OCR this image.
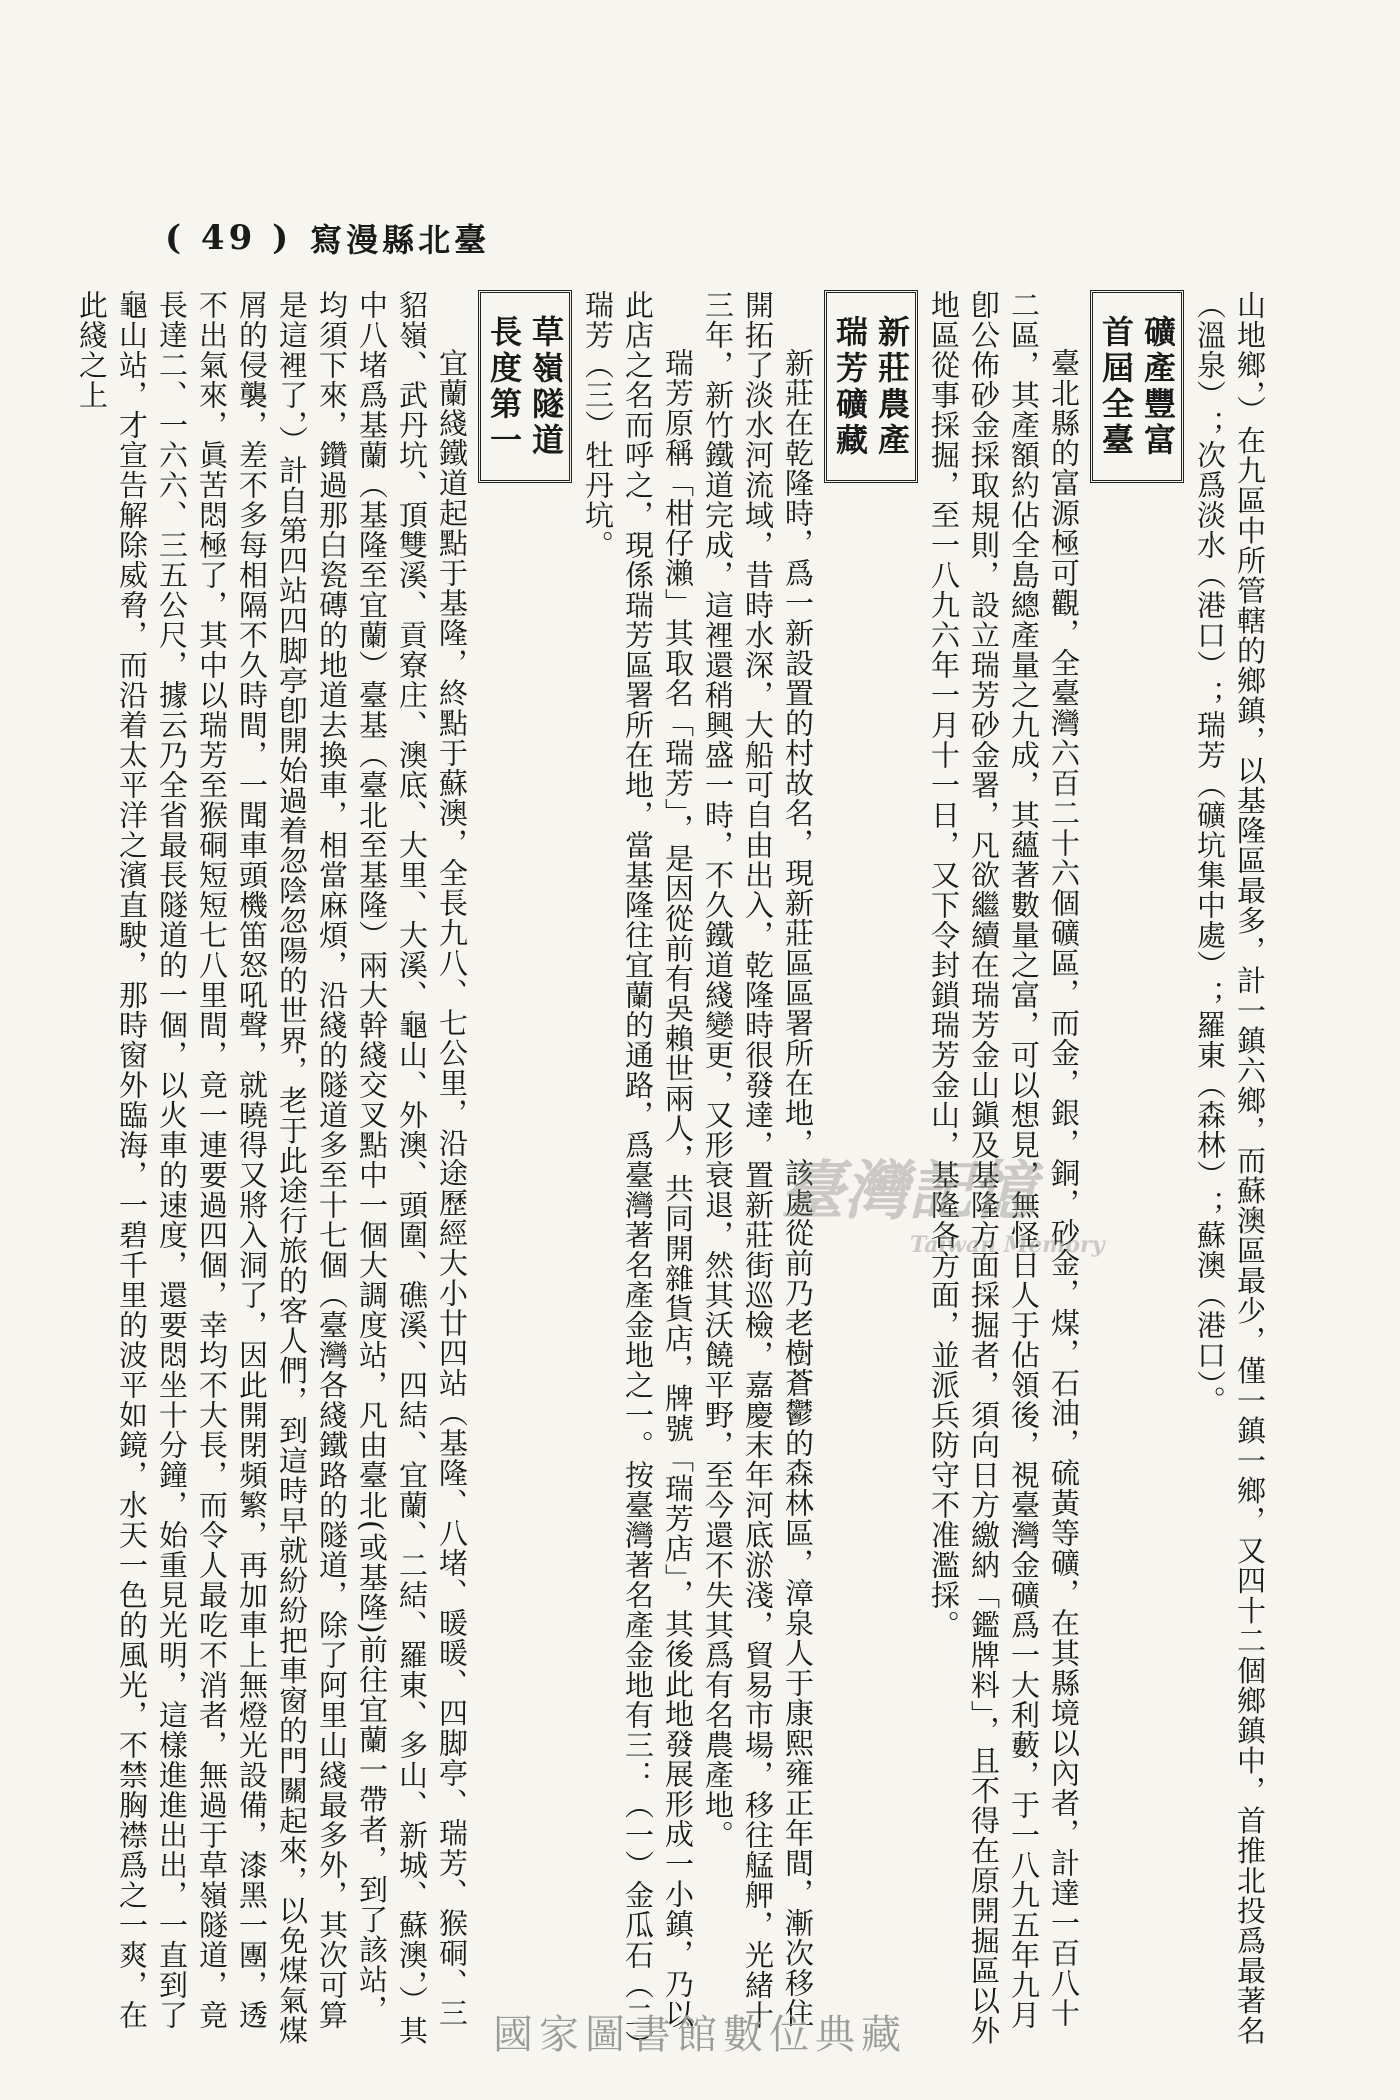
( 49 ) 寫漫縣北臺

山地鄉，）在九區中所管轄的鄉鎮，以基隆區最多，計一鎮六鄉，而蘇澳區最少，僅一鎮一鄉，又四十二個鄉鎮中，首推北投爲最著名（溫泉）；次爲淡水（港口）；瑞芳（礦坑集中處）；羅東（森林）；蘇澳（港口）。

礦產豐富首屆全臺

臺北縣的富源極可觀，全臺灣六百二十六個礦區，而金，銀，銅，砂金，煤，石油，硫黃等礦，在其縣境以內者，計達一百八十二區，其產額約佔全島總產量之九成，其蘊著數量之富，可以想見，無怪日人于佔領後，視臺灣金礦爲一大利藪，于一八九五年九月卽公佈砂金採取規則，設立瑞芳砂金署，凡欲繼續在瑞芳金山鎭及基隆方面採掘者，須向日方繳納「鑑牌料」，且不得在原開掘區以外地區從事採掘，至一八九六年一月十一日，又下令封鎖瑞芳金山，基隆各方面，並派兵防守不准濫採。

新莊農產瑞芳礦藏

新莊在乾隆時，爲一新設置的村故名，現新莊區區署所在地，該處從前乃老樹蒼鬱的森林區，漳泉人于康熙雍正年間，漸次移住開拓了淡水河流域，昔時水深，大船可自由出入，乾隆時很發達，置新莊街巡檢，嘉慶末年河底淤淺，貿易市場，移往艋舺，光緒十三年，新竹鐵道完成，這裡還稍興盛一時，不久鐵道綫變更，又形衰退，然其沃饒平野，至今還不失其爲有名農產地。

瑞芳原稱「柑仔瀨」其取名「瑞芳」，是因從前有吳賴世兩人，共同開雜貨店，牌號「瑞芳店」，其後此地發展形成一小鎮，乃以此店之名而呼之，現係瑞芳區署所在地，當基隆往宜蘭的通路，爲臺灣著名產金地之一。按臺灣著名產金地有三：（一）金瓜石（二）瑞芳（三）牡丹坑。

草嶺隧道長度第一

宜蘭綫鐵道起點于基隆，終點于蘇澳，全長九八、七公里，沿途歷經大小廿四站（基隆、八堵、暖暖、四脚亭、瑞芳、猴硐、三貂嶺、武丹坑、頂雙溪、貢寮庄、澳底、大里、大溪、龜山、外澳、頭圍、礁溪、四結、宜蘭、二結、羅東、多山、新城、蘇澳，）其中八堵爲基蘭（基隆至宜蘭）臺基（臺北至基隆）兩大幹綫交叉點中一個大調度站，凡由臺北(或基隆)前往宜蘭一帶者，到了該站，均須下來，鑽過那白瓷磚的地道去換車，相當麻煩，沿綫的隧道多至十七個（臺灣各綫鐵路的隧道，除了阿里山綫最多外，其次可算是這裡了，）計自第四站四脚亭卽開始過着忽陰忽陽的世界，老于此途行旅的客人們，到這時早就紛紛把車窗的門關起來，以免煤氣煤屑的侵襲，差不多每相隔不久時間，一聞車頭機笛怒吼聲，就曉得又將入洞了，因此開閉頻繁，再加車上無燈光設備，漆黑一團，透不出氣來，眞苦悶極了，其中以瑞芳至猴硐短短七八里間，竟一連要過四個，幸均不大長，而令人最吃不消者，無過于草嶺隧道，竟長達二、一六六、三五公尺，據云乃全省最長隧道的一個，以火車的速度，還要悶坐十分鐘，始重見光明，這樣進進出出，一直到了龜山站，才宣告解除威脅，而沿着太平洋之濱直駛，那時窗外臨海，一碧千里的波平如鏡，水天一色的風光，不禁胸襟爲之一爽，在此綫之上

臺灣記憶
Taiwan Memory
國家圖書館數位典藏
